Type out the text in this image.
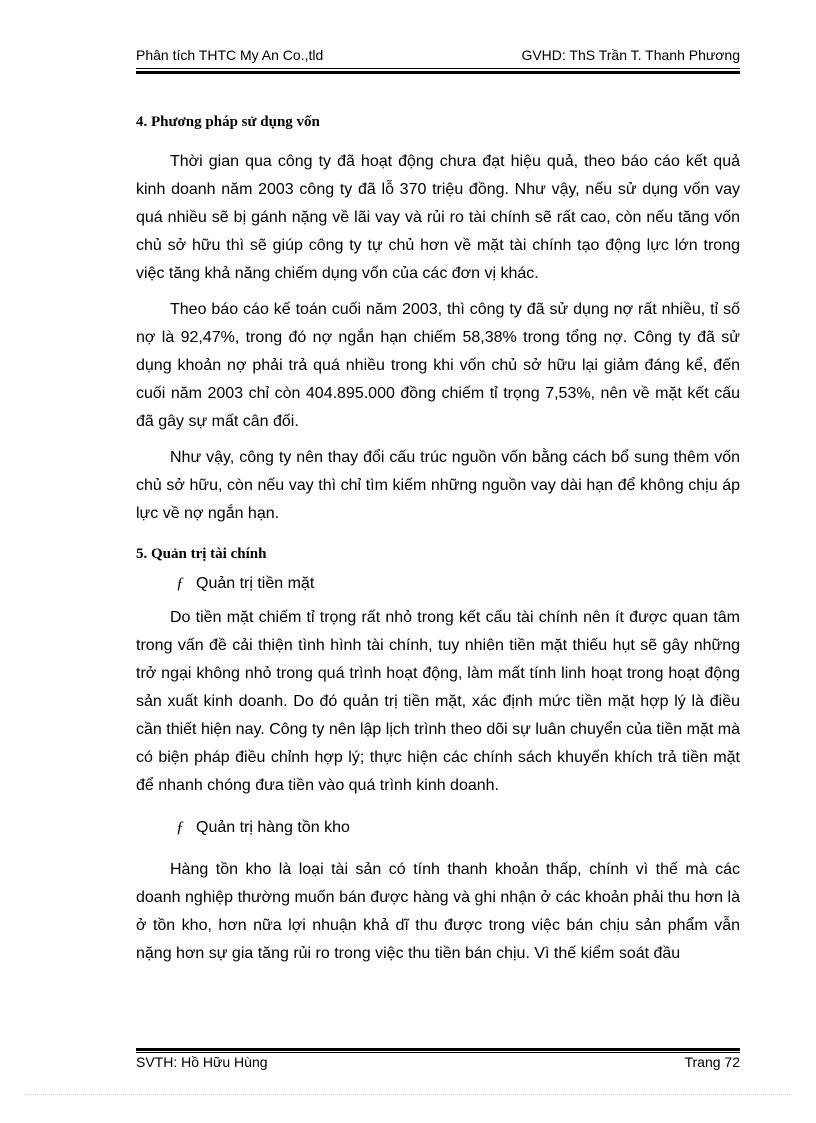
Phân tích THTC My An Co.,tld	GVHD: ThS Trần T. Thanh Phương
4. Phương pháp sử dụng vốn

Thời gian qua công ty đã hoạt động chưa đạt hiệu quả, theo báo cáo kết quả kinh doanh năm 2003 công ty đã lỗ 370 triệu đồng. Như vậy, nếu sử dụng vốn vay quá nhiều sẽ bị gánh nặng về lãi vay và rủi ro tài chính sẽ rất cao, còn nếu tăng vốn chủ sở hữu thì sẽ giúp công ty tự chủ hơn về mặt tài chính tạo động lực lớn trong việc tăng khả năng chiếm dụng vốn của các đơn vị khác.

Theo báo cáo kế toán cuối năm 2003, thì công ty đã sử dụng nợ rất nhiều, tỉ số nợ là 92,47%, trong đó nợ ngắn hạn chiếm 58,38% trong tổng nợ. Công ty đã sử dụng khoản nợ phải trả quá nhiều trong khi vốn chủ sở hữu lại giảm đáng kể, đến cuối năm 2003 chỉ còn 404.895.000 đồng chiếm tỉ trọng 7,53%, nên về mặt kết cấu đã gây sự mất cân đối.

Như vậy, công ty nên thay đổi cấu trúc nguồn vốn bằng cách bổ sung thêm vốn chủ sở hữu, còn nếu vay thì chỉ tìm kiếm những nguồn vay dài hạn để không chịu áp lực về nợ ngắn hạn.

5. Quản trị tài chính

ƒ Quản trị tiền mặt

Do tiền mặt chiếm tỉ trọng rất nhỏ trong kết cấu tài chính nên ít được quan tâm trong vấn đề cải thiện tình hình tài chính, tuy nhiên tiền mặt thiếu hụt sẽ gây những trở ngại không nhỏ trong quá trình hoạt động, làm mất tính linh hoạt trong hoạt động sản xuất kinh doanh. Do đó quản trị tiền mặt, xác định mức tiền mặt hợp lý là điều cần thiết hiện nay. Công ty nên lập lịch trình theo dõi sự luân chuyển của tiền mặt mà có biện pháp điều chỉnh hợp lý; thực hiện các chính sách khuyến khích trả tiền mặt để nhanh chóng đưa tiền vào quá trình kinh doanh.

ƒ Quản trị hàng tồn kho

Hàng tồn kho là loại tài sản có tính thanh khoản thấp, chính vì thế mà các doanh nghiệp thường muốn bán được hàng và ghi nhận ở các khoản phải thu hơn là ở tồn kho, hơn nữa lợi nhuận khả dĩ thu được trong việc bán chịu sản phẩm vẫn nặng hơn sự gia tăng rủi ro trong việc thu tiền bán chịu. Vì thế kiểm soát đầu

SVTH: Hồ Hữu Hùng	Trang 72
